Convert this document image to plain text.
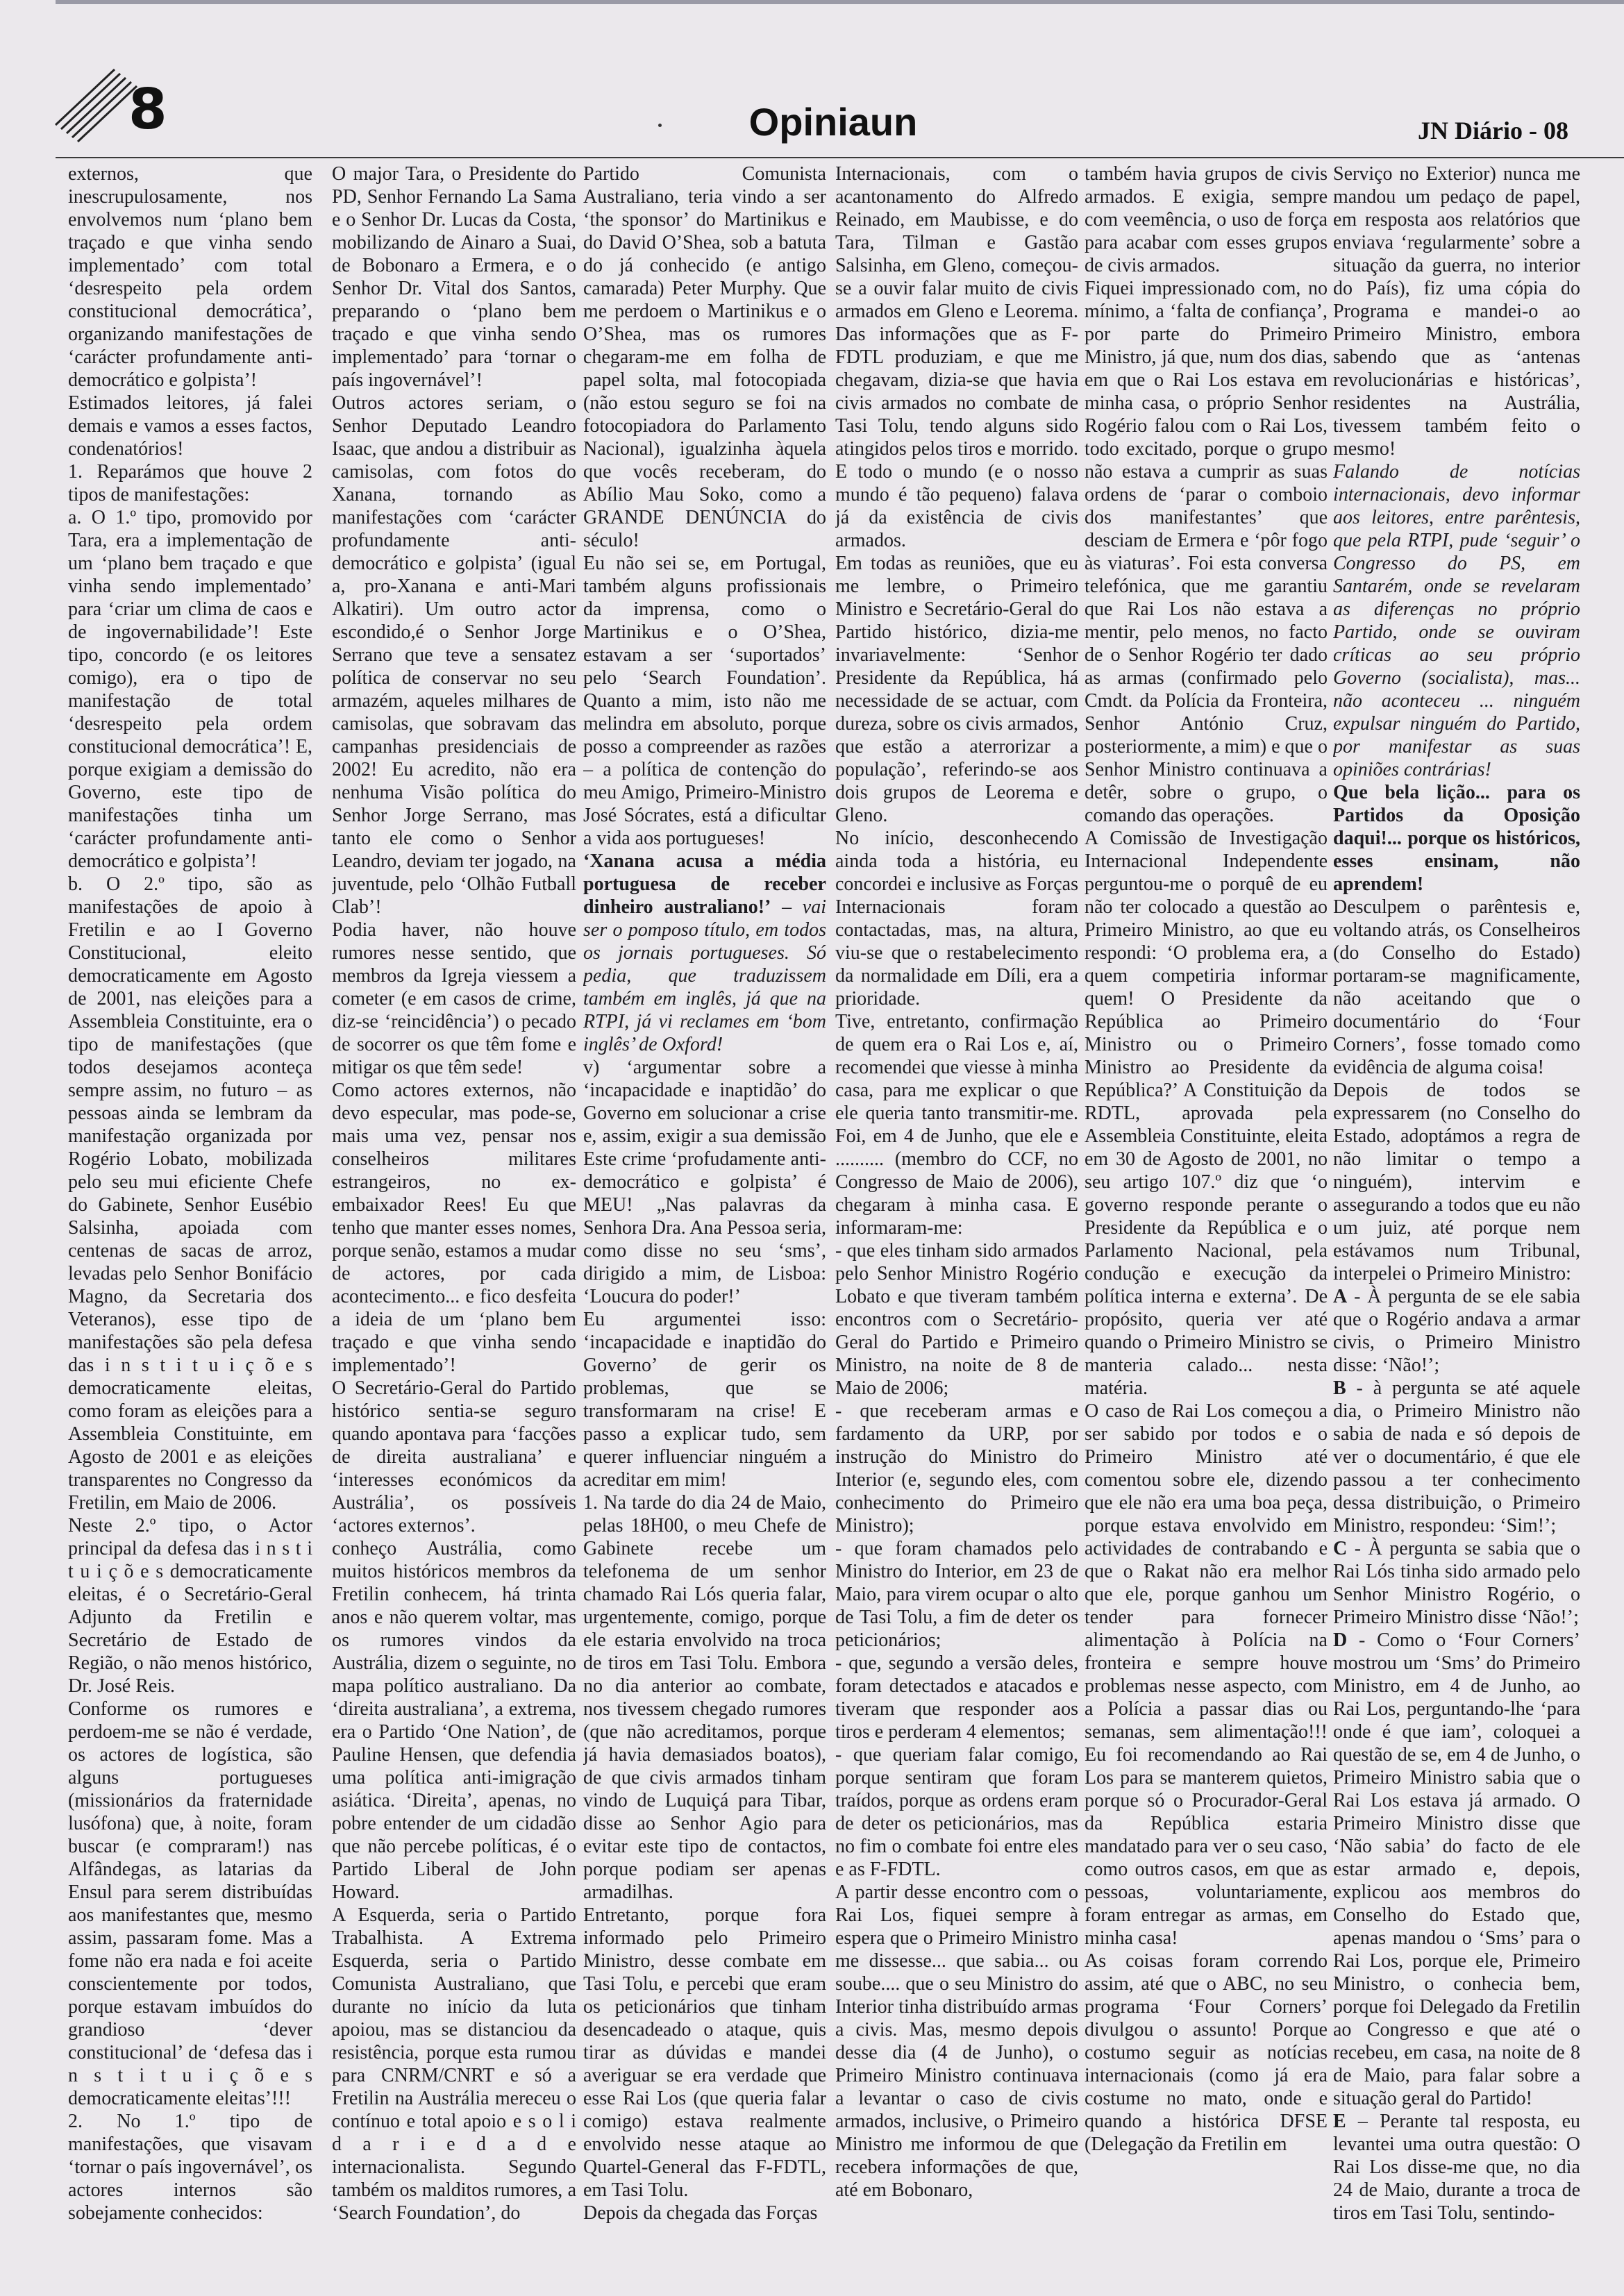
8	Opiniaun	JN Diário - 08

externos, que inescrupulosamente, nos envolvemos num ‘plano bem traçado e que vinha sendo implementado’ com total ‘desrespeito pela ordem constitucional democrática’, organizando manifestações de ‘carácter profundamente anti-democrático e golpista’!

Estimados leitores, já falei demais e vamos a esses factos, condenatórios!

1. Reparámos que houve 2 tipos de manifestações:

a. O 1.º tipo, promovido por Tara, era a implementação de um ‘plano bem traçado e que vinha sendo implementado’ para ‘criar um clima de caos e de ingovernabilidade’! Este tipo, concordo (e os leitores comigo), era o tipo de manifestação de total ‘desrespeito pela ordem constitucional democrática’! E, porque exigiam a demissão do Governo, este tipo de manifestações tinha um ‘carácter profundamente anti-democrático e golpista’!

b. O 2.º tipo, são as manifestações de apoio à Fretilin e ao I Governo Constitucional, eleito democraticamente em Agosto de 2001, nas eleições para a Assembleia Constituinte, era o tipo de manifestações (que todos desejamos aconteça sempre assim, no futuro – as pessoas ainda se lembram da manifestação organizada por Rogério Lobato, mobilizada pelo seu mui eficiente Chefe do Gabinete, Senhor Eusébio Salsinha, apoiada com centenas de sacas de arroz, levadas pelo Senhor Bonifácio Magno, da Secretaria dos Veteranos), esse tipo de manifestações são pela defesa das i n s t i t u i ç õ e s democraticamente eleitas, como foram as eleições para a Assembleia Constituinte, em Agosto de 2001 e as eleições transparentes no Congresso da Fretilin, em Maio de 2006.

Neste 2.º tipo, o Actor principal da defesa das i n s t i t u i ç õ e s democraticamente eleitas, é o Secretário-Geral Adjunto da Fretilin e Secretário de Estado de Região, o não menos histórico, Dr. José Reis.

Conforme os rumores e perdoem-me se não é verdade, os actores de logística, são alguns portugueses (missionários da fraternidade lusófona) que, à noite, foram buscar (e compraram!) nas Alfândegas, as latarias da Ensul para serem distribuídas aos manifestantes que, mesmo assim, passaram fome. Mas a fome não era nada e foi aceite conscientemente por todos, porque estavam imbuídos do grandioso ‘dever constitucional’ de ‘defesa das i n s t i t u i ç õ e s democraticamente eleitas’!!!

2. No 1.º tipo de manifestações, que visavam ‘tornar o país ingovernável’, os actores internos são sobejamente conhecidos:

O major Tara, o Presidente do PD, Senhor Fernando La Sama e o Senhor Dr. Lucas da Costa, mobilizando de Ainaro a Suai, de Bobonaro a Ermera, e o Senhor Dr. Vital dos Santos, preparando o ‘plano bem traçado e que vinha sendo implementado’ para ‘tornar o país ingovernável’!

Outros actores seriam, o Senhor Deputado Leandro Isaac, que andou a distribuir as camisolas, com fotos do Xanana, tornando as manifestações com ‘carácter profundamente anti-democrático e golpista’ (igual a, pro-Xanana e anti-Mari Alkatiri). Um outro actor escondido,é o Senhor Jorge Serrano que teve a sensatez política de conservar no seu armazém, aqueles milhares de camisolas, que sobravam das campanhas presidenciais de 2002! Eu acredito, não era nenhuma Visão política do Senhor Jorge Serrano, mas tanto ele como o Senhor Leandro, deviam ter jogado, na juventude, pelo ‘Olhão Futball Clab’!

Podia haver, não houve rumores nesse sentido, que membros da Igreja viessem a cometer (e em casos de crime, diz-se ‘reincidência’) o pecado de socorrer os que têm fome e mitigar os que têm sede!

Como actores externos, não devo especular, mas pode-se, mais uma vez, pensar nos conselheiros militares estrangeiros, no ex-embaixador Rees! Eu que tenho que manter esses nomes, porque senão, estamos a mudar de actores, por cada acontecimento... e fico desfeita a ideia de um ‘plano bem traçado e que vinha sendo implementado’!

O Secretário-Geral do Partido histórico sentia-se seguro quando apontava para ‘facções de direita australiana’ e ‘interesses económicos da Austrália’, os possíveis ‘actores externos’.

conheço Austrália, como muitos históricos membros da Fretilin conhecem, há trinta anos e não querem voltar, mas os rumores vindos da Austrália, dizem o seguinte, no mapa político australiano. Da ‘direita australiana’, a extrema, era o Partido ‘One Nation’, de Pauline Hensen, que defendia uma política anti-imigração asiática. ‘Direita’, apenas, no pobre entender de um cidadão que não percebe políticas, é o Partido Liberal de John Howard.

A Esquerda, seria o Partido Trabalhista. A Extrema Esquerda, seria o Partido Comunista Australiano, que durante no início da luta apoiou, mas se distanciou da resistência, porque esta rumou para CNRM/CNRT e só a Fretilin na Austrália mereceu o contínuo e total apoio e s o l i d a r i e d a d e internacionalista. Segundo também os malditos rumores, a ‘Search Foundation’, do

Partido Comunista Australiano, teria vindo a ser ‘the sponsor’ do Martinikus e do David O’Shea, sob a batuta do já conhecido (e antigo camarada) Peter Murphy. Que me perdoem o Martinikus e o O’Shea, mas os rumores chegaram-me em folha de papel solta, mal fotocopiada (não estou seguro se foi na fotocopiadora do Parlamento Nacional), igualzinha àquela que vocês receberam, do Abílio Mau Soko, como a GRANDE DENÚNCIA do século!

Eu não sei se, em Portugal, também alguns profissionais da imprensa, como o Martinikus e o O’Shea, estavam a ser ‘suportados’ pelo ‘Search Foundation’. Quanto a mim, isto não me melindra em absoluto, porque posso a compreender as razões – a política de contenção do meu Amigo, Primeiro-Ministro José Sócrates, está a dificultar a vida aos portugueses!

‘Xanana acusa a média portuguesa de receber dinheiro australiano!’ – vai ser o pomposo título, em todos os jornais portugueses. Só pedia, que traduzissem também em inglês, já que na RTPI, já vi reclames em ‘bom inglês’ de Oxford!

v) ‘argumentar sobre a ‘incapacidade e inaptidão’ do Governo em solucionar a crise e, assim, exigir a sua demissão Este crime ‘profudamente anti-democrático e golpista’ é MEU! „Nas palavras da Senhora Dra. Ana Pessoa seria, como disse no seu ‘sms’, dirigido a mim, de Lisboa: ‘Loucura do poder!’

Eu argumentei isso: ‘incapacidade e inaptidão do Governo’ de gerir os problemas, que se transformaram na crise! E passo a explicar tudo, sem querer influenciar ninguém a acreditar em mim!

1. Na tarde do dia 24 de Maio, pelas 18H00, o meu Chefe de Gabinete recebe um telefonema de um senhor chamado Rai Lós queria falar, urgentemente, comigo, porque ele estaria envolvido na troca de tiros em Tasi Tolu. Embora no dia anterior ao combate, nos tivessem chegado rumores (que não acreditamos, porque já havia demasiados boatos), de que civis armados tinham vindo de Luquiçá para Tibar, disse ao Senhor Agio para evitar este tipo de contactos, porque podiam ser apenas armadilhas.

Entretanto, porque fora informado pelo Primeiro Ministro, desse combate em Tasi Tolu, e percebi que eram os peticionários que tinham desencadeado o ataque, quis tirar as dúvidas e mandei averiguar se era verdade que esse Rai Los (que queria falar comigo) estava realmente envolvido nesse ataque ao Quartel-General das F-FDTL, em Tasi Tolu.

Depois da chegada das Forças

Internacionais, com o acantonamento do Alfredo Reinado, em Maubisse, e do Tara, Tilman e Gastão Salsinha, em Gleno, começou-se a ouvir falar muito de civis armados em Gleno e Leorema. Das informações que as F-FDTL produziam, e que me chegavam, dizia-se que havia civis armados no combate de Tasi Tolu, tendo alguns sido atingidos pelos tiros e morrido. E todo o mundo (e o nosso mundo é tão pequeno) falava já da existência de civis armados.

Em todas as reuniões, que eu me lembre, o Primeiro Ministro e Secretário-Geral do Partido histórico, dizia-me invariavelmente: ‘Senhor Presidente da República, há necessidade de se actuar, com dureza, sobre os civis armados, que estão a aterrorizar a população’, referindo-se aos dois grupos de Leorema e Gleno.

No início, desconhecendo ainda toda a história, eu concordei e inclusive as Forças Internacionais foram contactadas, mas, na altura, viu-se que o restabelecimento da normalidade em Díli, era a prioridade.

Tive, entretanto, confirmação de quem era o Rai Los e, aí, recomendei que viesse à minha casa, para me explicar o que ele queria tanto transmitir-me. Foi, em 4 de Junho, que ele e .......... (membro do CCF, no Congresso de Maio de 2006), chegaram à minha casa. E informaram-me:

- que eles tinham sido armados pelo Senhor Ministro Rogério Lobato e que tiveram também encontros com o Secretário-Geral do Partido e Primeiro Ministro, na noite de 8 de Maio de 2006;

- que receberam armas e fardamento da URP, por instrução do Ministro do Interior (e, segundo eles, com conhecimento do Primeiro Ministro);

- que foram chamados pelo Ministro do Interior, em 23 de Maio, para virem ocupar o alto de Tasi Tolu, a fim de deter os peticionários;

- que, segundo a versão deles, foram detectados e atacados e tiveram que responder aos tiros e perderam 4 elementos;

- que queriam falar comigo, porque sentiram que foram traídos, porque as ordens eram de deter os peticionários, mas no fim o combate foi entre eles e as F-FDTL.

A partir desse encontro com o Rai Los, fiquei sempre à espera que o Primeiro Ministro me dissesse... que sabia... ou soube.... que o seu Ministro do Interior tinha distribuído armas a civis. Mas, mesmo depois desse dia (4 de Junho), o Primeiro Ministro continuava a levantar o caso de civis armados, inclusive, o Primeiro Ministro me informou de que recebera informações de que, até em Bobonaro,

também havia grupos de civis armados. E exigia, sempre com veemência, o uso de força para acabar com esses grupos de civis armados.

Fiquei impressionado com, no mínimo, a ‘falta de confiança’, por parte do Primeiro Ministro, já que, num dos dias, em que o Rai Los estava em minha casa, o próprio Senhor Rogério falou com o Rai Los, todo excitado, porque o grupo não estava a cumprir as suas ordens de ‘parar o comboio dos manifestantes’ que desciam de Ermera e ‘pôr fogo às viaturas’. Foi esta conversa telefónica, que me garantiu que Rai Los não estava a mentir, pelo menos, no facto de o Senhor Rogério ter dado as armas (confirmado pelo Cmdt. da Polícia da Fronteira, Senhor António Cruz, posteriormente, a mim) e que o Senhor Ministro continuava a detêr, sobre o grupo, o comando das operações.

A Comissão de Investigação Internacional Independente perguntou-me o porquê de eu não ter colocado a questão ao Primeiro Ministro, ao que eu respondi: ‘O problema era, a quem competiria informar quem! O Presidente da República ao Primeiro Ministro ou o Primeiro Ministro ao Presidente da República?’ A Constituição da RDTL, aprovada pela Assembleia Constituinte, eleita em 30 de Agosto de 2001, no seu artigo 107.º diz que ‘o governo responde perante o Presidente da República e o Parlamento Nacional, pela condução e execução da política interna e externa’. De propósito, queria ver até quando o Primeiro Ministro se manteria calado... nesta matéria.

O caso de Rai Los começou a ser sabido por todos e o Primeiro Ministro até comentou sobre ele, dizendo que ele não era uma boa peça, porque estava envolvido em actividades de contrabando e que o Rakat não era melhor que ele, porque ganhou um tender para fornecer alimentação à Polícia na fronteira e sempre houve problemas nesse aspecto, com a Polícia a passar dias ou semanas, sem alimentação!!! Eu foi recomendando ao Rai Los para se manterem quietos, porque só o Procurador-Geral da República estaria mandatado para ver o seu caso, como outros casos, em que as pessoas, voluntariamente, foram entregar as armas, em minha casa!

As coisas foram correndo assim, até que o ABC, no seu programa ‘Four Corners’ divulgou o assunto! Porque costumo seguir as notícias internacionais (como já era costume no mato, onde e quando a histórica DFSE (Delegação da Fretilin em

Serviço no Exterior) nunca me mandou um pedaço de papel, em resposta aos relatórios que enviava ‘regularmente’ sobre a situação da guerra, no interior do País), fiz uma cópia do Programa e mandei-o ao Primeiro Ministro, embora sabendo que as ‘antenas revolucionárias e históricas’, residentes na Austrália, tivessem também feito o mesmo!

Falando de notícias internacionais, devo informar aos leitores, entre parêntesis, que pela RTPI, pude ‘seguir’ o Congresso do PS, em Santarém, onde se revelaram as diferenças no próprio Partido, onde se ouviram críticas ao seu próprio Governo (socialista), mas... não aconteceu ... ninguém expulsar ninguém do Partido, por manifestar as suas opiniões contrárias!

Que bela lição... para os Partidos da Oposição daqui!... porque os históricos, esses ensinam, não aprendem!

Desculpem o parêntesis e, voltando atrás, os Conselheiros (do Conselho do Estado) portaram-se magnificamente, não aceitando que o documentário do ‘Four Corners’, fosse tomado como evidência de alguma coisa!

Depois de todos se expressarem (no Conselho do Estado, adoptámos a regra de não limitar o tempo a ninguém), intervim e assegurando a todos que eu não um juiz, até porque nem estávamos num Tribunal, interpelei o Primeiro Ministro:

A - À pergunta de se ele sabia que o Rogério andava a armar civis, o Primeiro Ministro disse: ‘Não!’;

B - à pergunta se até aquele dia, o Primeiro Ministro não sabia de nada e só depois de ver o documentário, é que ele passou a ter conhecimento dessa distribuição, o Primeiro Ministro, respondeu: ‘Sim!’;

C - À pergunta se sabia que o Rai Lós tinha sido armado pelo Senhor Ministro Rogério, o Primeiro Ministro disse ‘Não!’;

D - Como o ‘Four Corners’ mostrou um ‘Sms’ do Primeiro Ministro, em 4 de Junho, ao Rai Los, perguntando-lhe ‘para onde é que iam’, coloquei a questão de se, em 4 de Junho, o Primeiro Ministro sabia que o Rai Los estava já armado. O Primeiro Ministro disse que ‘Não sabia’ do facto de ele estar armado e, depois, explicou aos membros do Conselho do Estado que, apenas mandou o ‘Sms’ para o Rai Los, porque ele, Primeiro Ministro, o conhecia bem, porque foi Delegado da Fretilin ao Congresso e que até o recebeu, em casa, na noite de 8 de Maio, para falar sobre a situação geral do Partido!

E – Perante tal resposta, eu levantei uma outra questão: O Rai Los disse-me que, no dia 24 de Maio, durante a troca de tiros em Tasi Tolu, sentindo-
